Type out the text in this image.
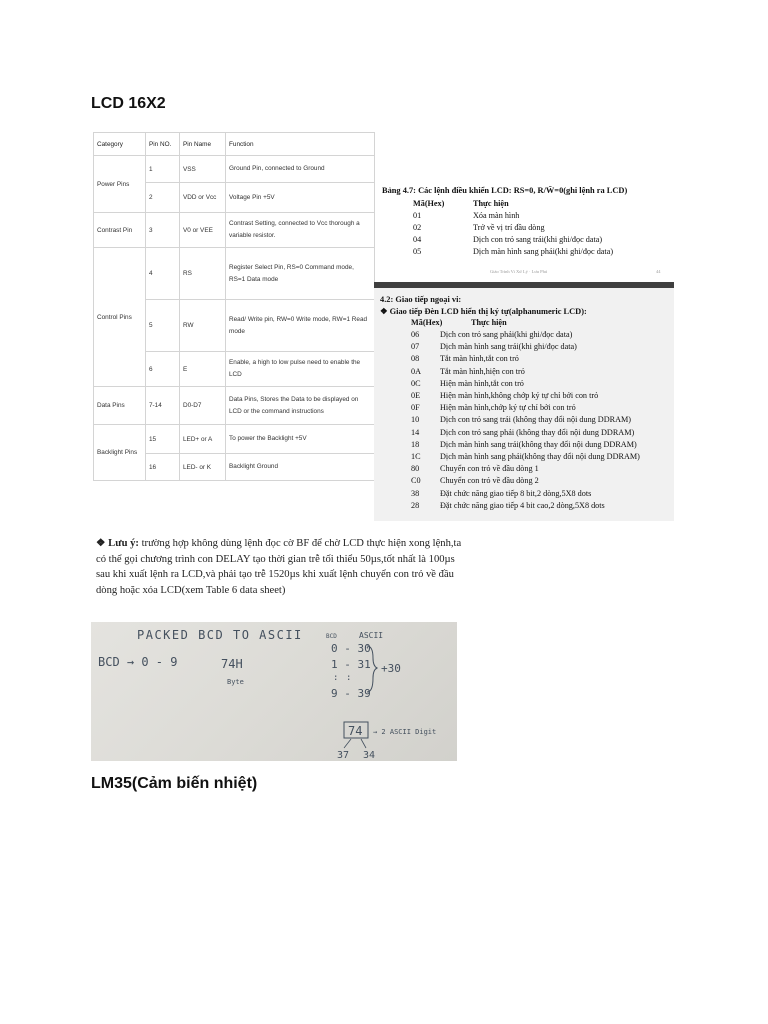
LCD 16X2
Category	Pin NO.	Pin Name	Function
Power Pins	1	VSS	Ground Pin, connected to Ground
	2	VDD or Vcc	Voltage Pin +5V
Contrast Pin	3	V0 or VEE	Contrast Setting, connected to Vcc thorough a variable resistor.
Control Pins	4	RS	Register Select Pin, RS=0 Command mode, RS=1 Data mode
	5	RW	Read/ Write pin, RW=0 Write mode, RW=1 Read mode
	6	E	Enable, a high to low pulse need to enable the LCD
Data Pins	7-14	D0-D7	Data Pins, Stores the Data to be displayed on LCD or the command instructions
Backlight Pins	15	LED+ or A	To power the Backlight +5V
	16	LED- or K	Backlight Ground
Bảng 4.7: Các lệnh điều khiển LCD: RS=0, R/W̄=0(ghi lệnh ra LCD)
Mã(Hex)	Thực hiện
01	Xóa màn hình
02	Trở về vị trí đầu dòng
04	Dịch con trỏ sang trái(khi ghi/đọc data)
05	Dịch màn hình sang phải(khi ghi/đọc data)
Giáo Trình Vi Xử Lý · Lưu Phú	44
4.2: Giao tiếp ngoại vi:
❖ Giao tiếp Đèn LCD hiển thị ký tự(alphanumeric LCD):
Mã(Hex)	Thực hiện
06	Dịch con trỏ sang phải(khi ghi/đọc data)
07	Dịch màn hình sang trái(khi ghi/đọc data)
08	Tắt màn hình,tắt con trỏ
0A Tắt màn hình,hiện con trỏ
0C Hiện màn hình,tắt con trỏ
0E Hiện màn hình,không chớp ký tự chỉ bởi con trỏ
0F Hiện màn hình,chớp ký tự chỉ bởi con trỏ
10	Dịch con trỏ sang trái (không thay đổi nội dung DDRAM)
14	Dịch con trỏ sang phải (không thay đổi nội dung DDRAM)
18	Dịch màn hình sang trái(không thay đổi nội dung DDRAM)
1C Dịch màn hình sang phải(không thay đổi nội dung DDRAM)
80	Chuyển con trỏ về đầu dòng 1
C0 Chuyển con trỏ về đầu dòng 2
38	Đặt chức năng giao tiếp 8 bit,2 dòng,5X8 dots
28	Đặt chức năng giao tiếp 4 bit cao,2 dòng,5X8 dots

❖ Lưu ý: trường hợp không dùng lệnh đọc cờ BF để chờ LCD thực hiện xong lệnh,ta có thể gọi chương trình con DELAY tạo thời gian trễ tối thiểu 50µs,tốt nhất là 100µs sau khi xuất lệnh ra LCD,và phải tạo trễ 1520µs khi xuất lệnh chuyển con trỏ về đầu dòng hoặc xóa LCD(xem Table 6 data sheet)

PACKED BCD TO ASCII	BCD	ASCII
BCD → 0 - 9	74H
Byte
0 - 30
1 - 31
: :
9 - 39
+30
74 → 2 ASCII Digit
37 34
LM35(Cảm biến nhiệt)
